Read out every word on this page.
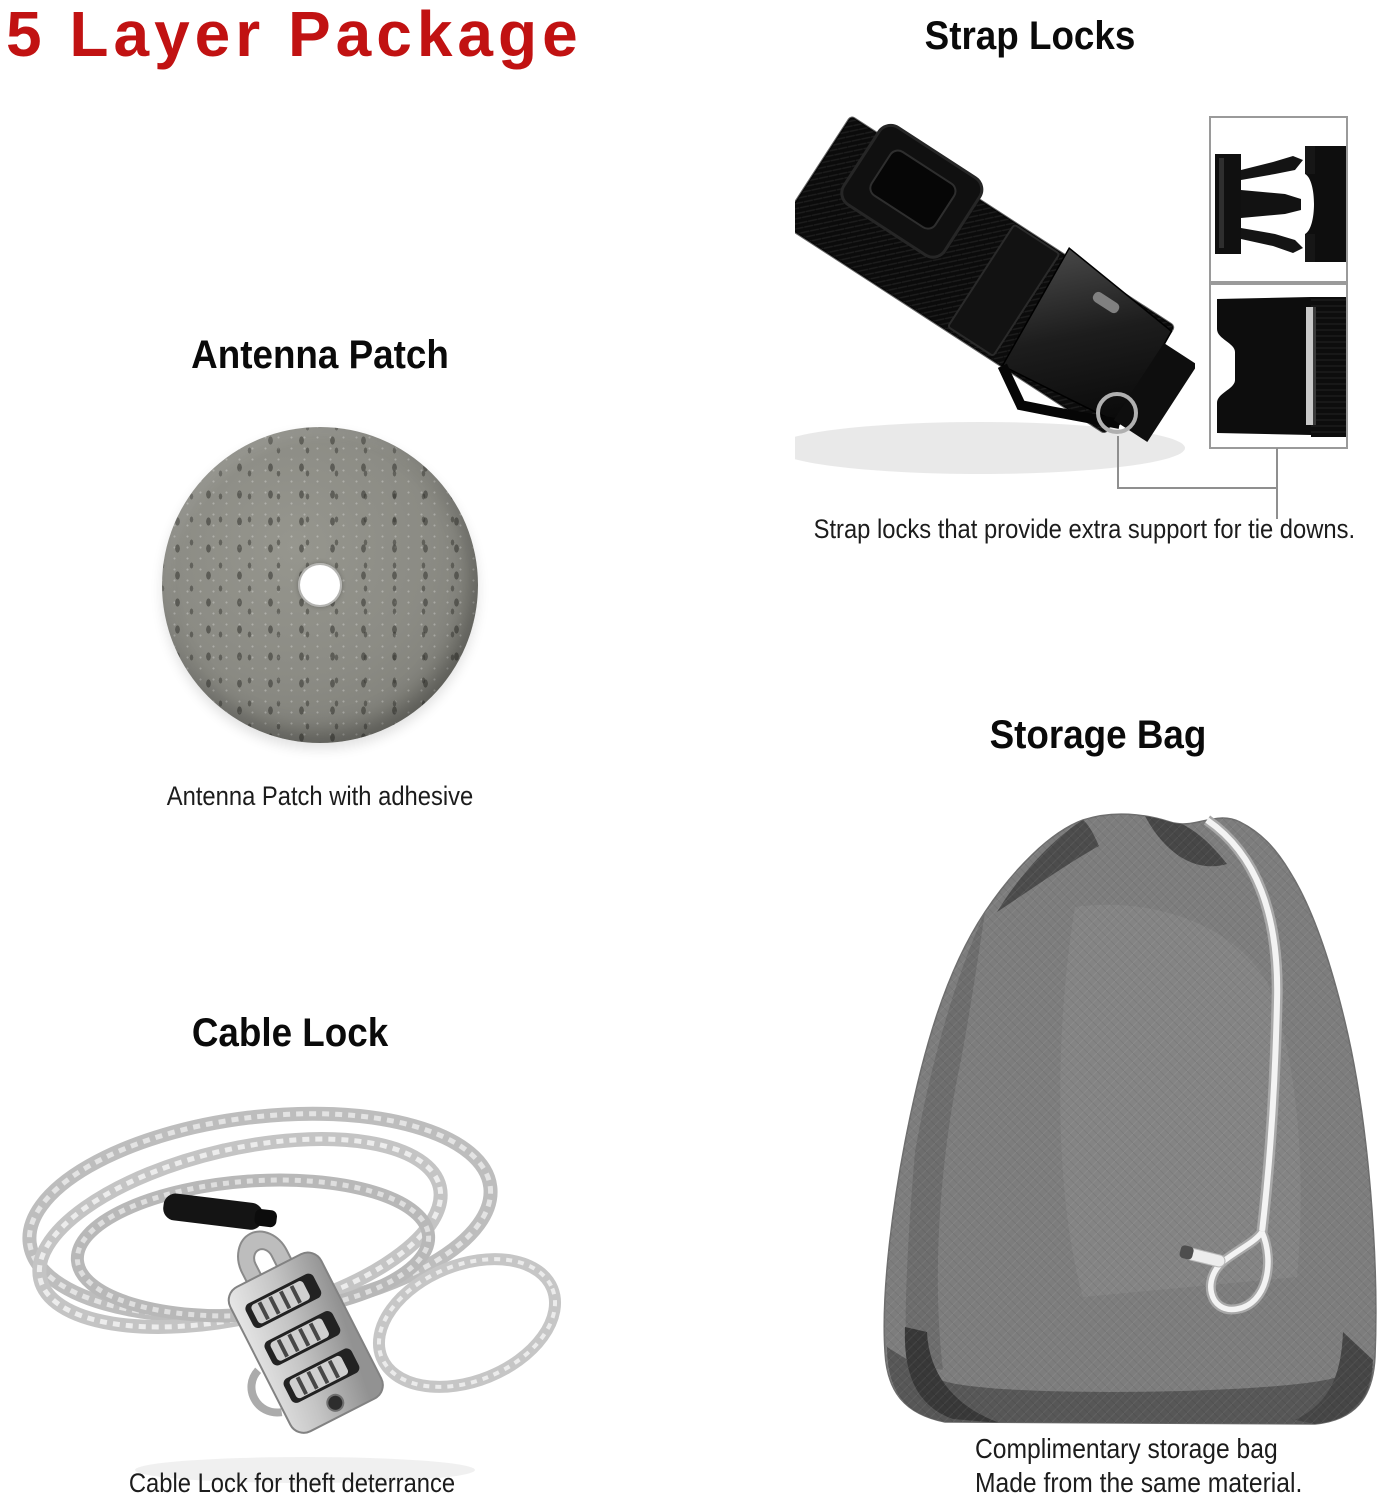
5 Layer Package	Strap Locks
Strap locks that provide extra support for tie downs.
Antenna Patch
Antenna Patch with adhesive
Cable Lock
Cable Lock for theft deterrance
Storage Bag
Complimentary storage bag
Made from the same material.
